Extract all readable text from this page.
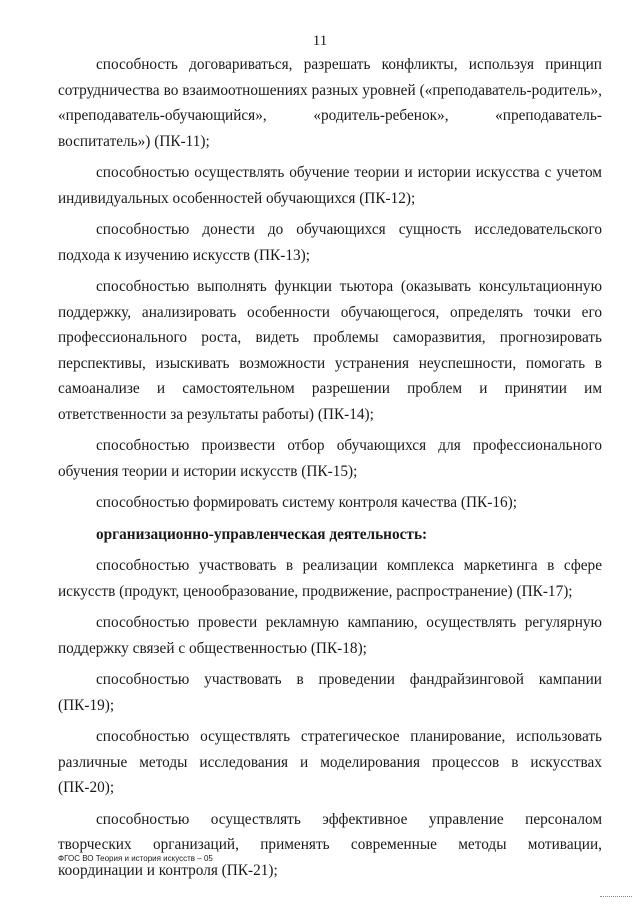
11

способность договариваться, разрешать конфликты, используя принцип сотрудничества во взаимоотношениях разных уровней («преподаватель-родитель», «преподаватель-обучающийся», «родитель-ребенок», «преподаватель-воспитатель») (ПК-11);

способностью осуществлять обучение теории и истории искусства с учетом индивидуальных особенностей обучающихся (ПК-12);

способностью донести до обучающихся сущность исследовательского подхода к изучению искусств (ПК-13);

способностью выполнять функции тьютора (оказывать консультационную поддержку, анализировать особенности обучающегося, определять точки его профессионального роста, видеть проблемы саморазвития, прогнозировать перспективы, изыскивать возможности устранения неуспешности, помогать в самоанализе и самостоятельном разрешении проблем и принятии им ответственности за результаты работы) (ПК-14);

способностью произвести отбор обучающихся для профессионального обучения теории и истории искусств (ПК-15);

способностью формировать систему контроля качества (ПК-16);

организационно-управленческая деятельность:

способностью участвовать в реализации комплекса маркетинга в сфере искусств (продукт, ценообразование, продвижение, распространение) (ПК-17);

способностью провести рекламную кампанию, осуществлять регулярную поддержку связей с общественностью (ПК-18);

способностью участвовать в проведении фандрайзинговой кампании (ПК-19);

способностью осуществлять стратегическое планирование, использовать различные методы исследования и моделирования процессов в искусствах (ПК-20);

способностью осуществлять эффективное управление персоналом творческих организаций, применять современные методы мотивации, координации и контроля (ПК-21);

ФГОС ВО Теория и история искусств – 05
